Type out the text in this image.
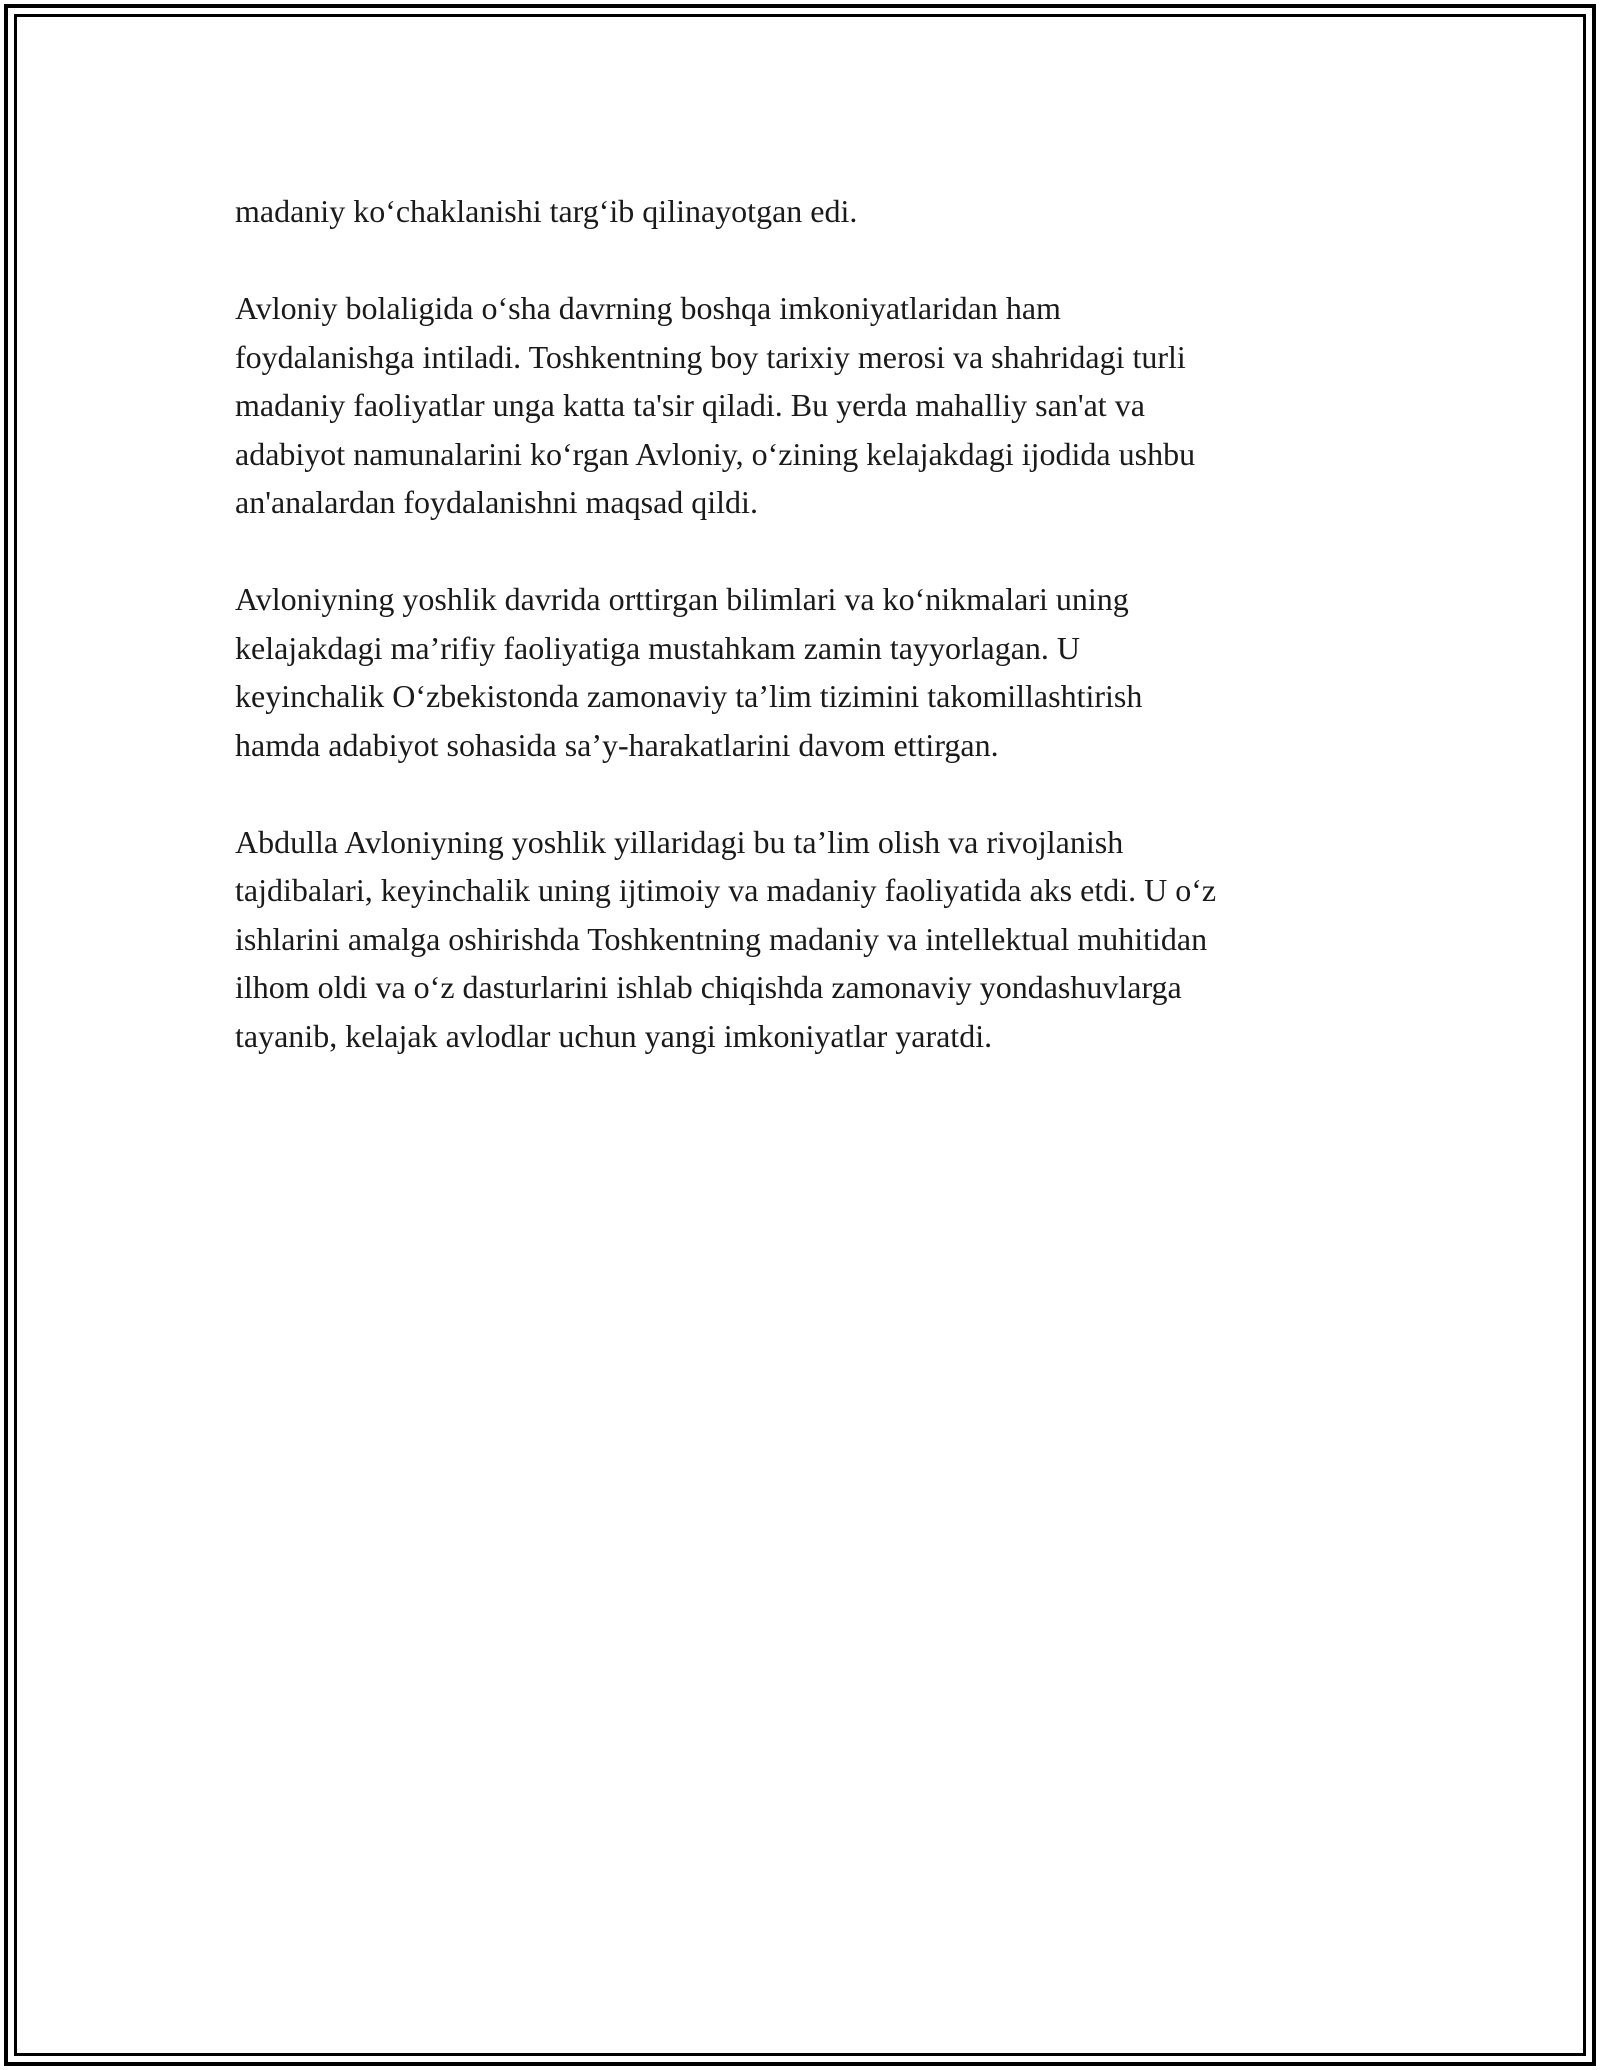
madaniy ko‘chaklanishi targ‘ib qilinayotgan edi.

Avloniy bolaligida o‘sha davrning boshqa imkoniyatlaridan ham
foydalanishga intiladi. Toshkentning boy tarixiy merosi va shahridagi turli
madaniy faoliyatlar unga katta ta'sir qiladi. Bu yerda mahalliy san'at va
adabiyot namunalarini ko‘rgan Avloniy, o‘zining kelajakdagi ijodida ushbu
an'analardan foydalanishni maqsad qildi.

Avloniyning yoshlik davrida orttirgan bilimlari va ko‘nikmalari uning
kelajakdagi ma’rifiy faoliyatiga mustahkam zamin tayyorlagan. U
keyinchalik O‘zbekistonda zamonaviy ta’lim tizimini takomillashtirish
hamda adabiyot sohasida sa’y-harakatlarini davom ettirgan.

Abdulla Avloniyning yoshlik yillaridagi bu ta’lim olish va rivojlanish
tajdibalari, keyinchalik uning ijtimoiy va madaniy faoliyatida aks etdi. U o‘z
ishlarini amalga oshirishda Toshkentning madaniy va intellektual muhitidan
ilhom oldi va o‘z dasturlarini ishlab chiqishda zamonaviy yondashuvlarga
tayanib, kelajak avlodlar uchun yangi imkoniyatlar yaratdi.
